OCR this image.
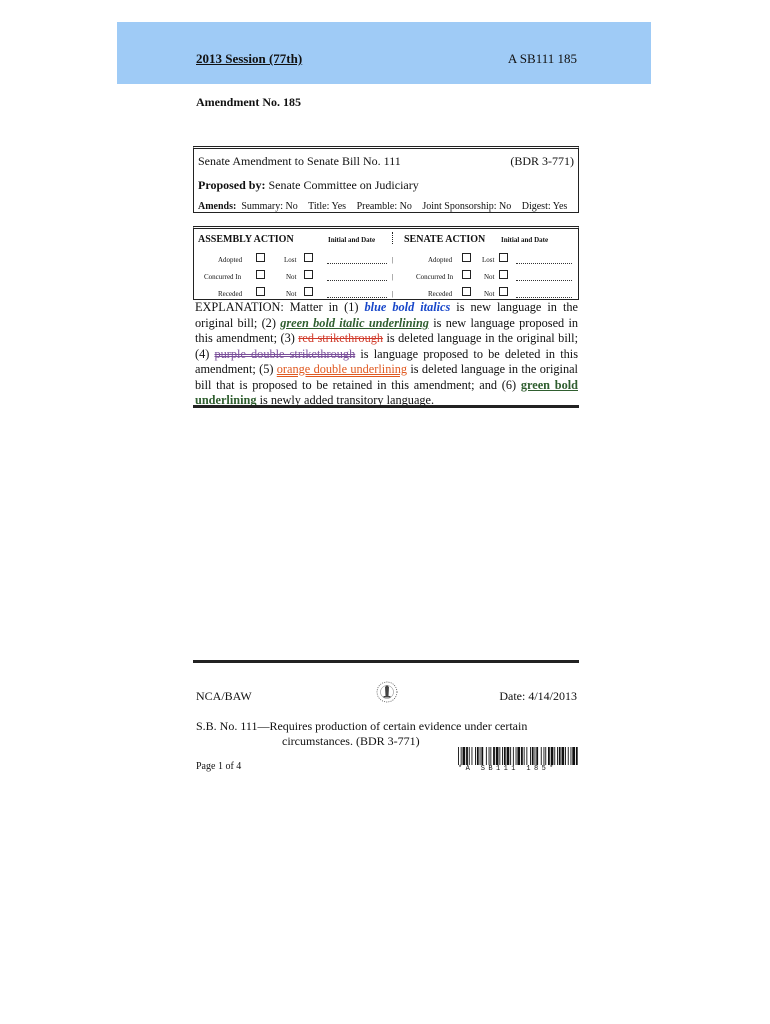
2013 Session (77th)	A SB111 185
Amendment No. 185
Senate Amendment to Senate Bill No. 111	(BDR 3-771)
Proposed by: Senate Committee on Judiciary
Amends: Summary: No Title: Yes Preamble: No Joint Sponsorship: No Digest: Yes
ASSEMBLY ACTION	Initial and Date	SENATE ACTION Initial and Date
Adopted	Lost	|	Adopted	Lost
Concurred In	Not	|	Concurred In	Not
Receded	Not	|	Receded	Not
EXPLANATION: Matter in (1) blue bold italics is new language in the original bill; (2) green bold italic underlining is new language proposed in this amendment; (3) red strikethrough is deleted language in the original bill; (4) purple double strikethrough is language proposed to be deleted in this amendment; (5) orange double underlining is deleted language in the original bill that is proposed to be retained in this amendment; and (6) green bold underlining is newly added transitory language.
NCA/BAW	Date: 4/14/2013
S.B. No. 111—Requires production of certain evidence under certain
circumstances. (BDR 3-771)
Page 1 of 4	*A SB111 185*
